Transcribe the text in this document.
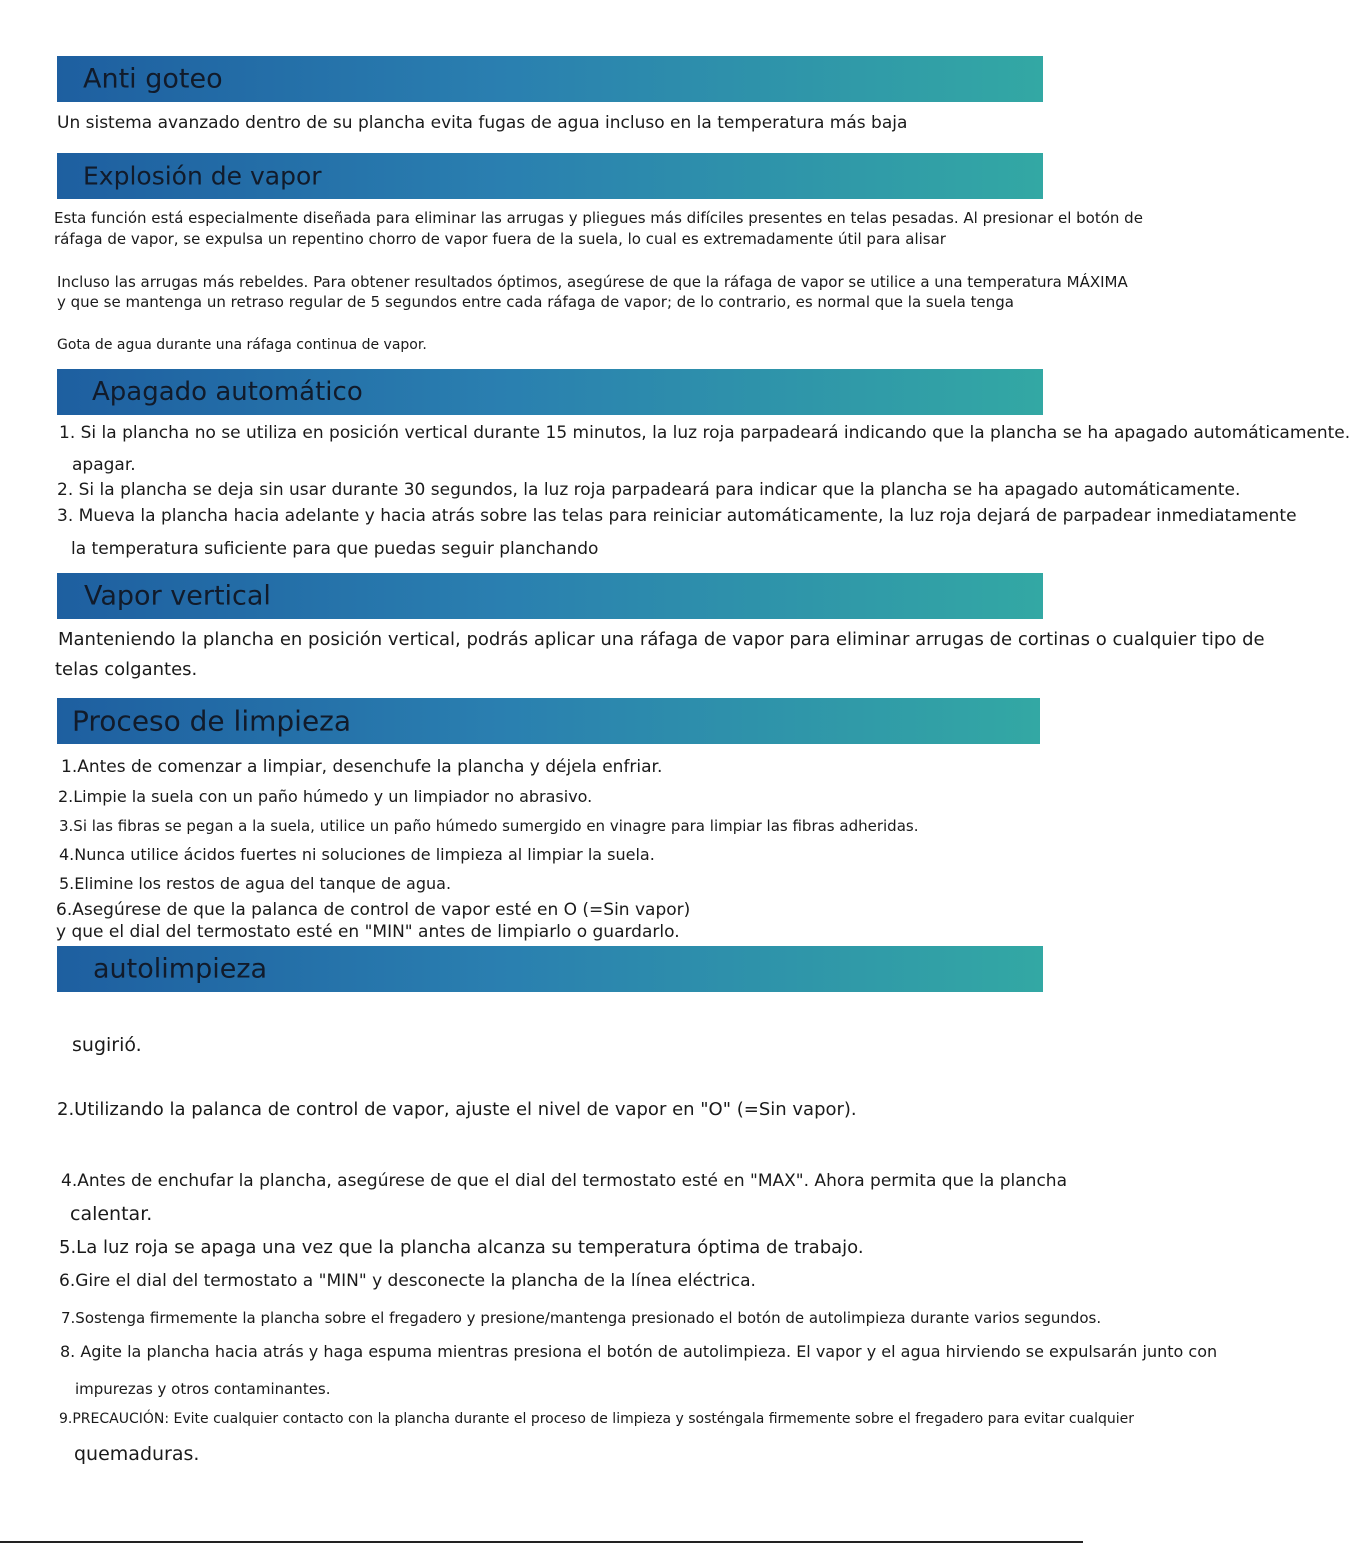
Anti goteo
Un sistema avanzado dentro de su plancha evita fugas de agua incluso en la temperatura más baja
Explosión de vapor
Esta función está especialmente diseñada para eliminar las arrugas y pliegues más difíciles presentes en telas pesadas. Al presionar el botón de
ráfaga de vapor, se expulsa un repentino chorro de vapor fuera de la suela, lo cual es extremadamente útil para alisar
Incluso las arrugas más rebeldes. Para obtener resultados óptimos, asegúrese de que la ráfaga de vapor se utilice a una temperatura MÁXIMA
y que se mantenga un retraso regular de 5 segundos entre cada ráfaga de vapor; de lo contrario, es normal que la suela tenga
Gota de agua durante una ráfaga continua de vapor.
Apagado automático
1. Si la plancha no se utiliza en posición vertical durante 15 minutos, la luz roja parpadeará indicando que la plancha se ha apagado automáticamente.
apagar.
2. Si la plancha se deja sin usar durante 30 segundos, la luz roja parpadeará para indicar que la plancha se ha apagado automáticamente.
3. Mueva la plancha hacia adelante y hacia atrás sobre las telas para reiniciar automáticamente, la luz roja dejará de parpadear inmediatamente
la temperatura suficiente para que puedas seguir planchando
Vapor vertical
Manteniendo la plancha en posición vertical, podrás aplicar una ráfaga de vapor para eliminar arrugas de cortinas o cualquier tipo de
telas colgantes.
Proceso de limpieza
1.Antes de comenzar a limpiar, desenchufe la plancha y déjela enfriar.
2.Limpie la suela con un paño húmedo y un limpiador no abrasivo.
3.Si las fibras se pegan a la suela, utilice un paño húmedo sumergido en vinagre para limpiar las fibras adheridas.
4.Nunca utilice ácidos fuertes ni soluciones de limpieza al limpiar la suela.
5.Elimine los restos de agua del tanque de agua.
6.Asegúrese de que la palanca de control de vapor esté en O (=Sin vapor)
y que el dial del termostato esté en "MIN" antes de limpiarlo o guardarlo.
autolimpieza
sugirió.
2.Utilizando la palanca de control de vapor, ajuste el nivel de vapor en "O" (=Sin vapor).
4.Antes de enchufar la plancha, asegúrese de que el dial del termostato esté en "MAX". Ahora permita que la plancha
calentar.
5.La luz roja se apaga una vez que la plancha alcanza su temperatura óptima de trabajo.
6.Gire el dial del termostato a "MIN" y desconecte la plancha de la línea eléctrica.
7.Sostenga firmemente la plancha sobre el fregadero y presione/mantenga presionado el botón de autolimpieza durante varios segundos.
8. Agite la plancha hacia atrás y haga espuma mientras presiona el botón de autolimpieza. El vapor y el agua hirviendo se expulsarán junto con
impurezas y otros contaminantes.
9.PRECAUCIÓN: Evite cualquier contacto con la plancha durante el proceso de limpieza y sosténgala firmemente sobre el fregadero para evitar cualquier
quemaduras.
